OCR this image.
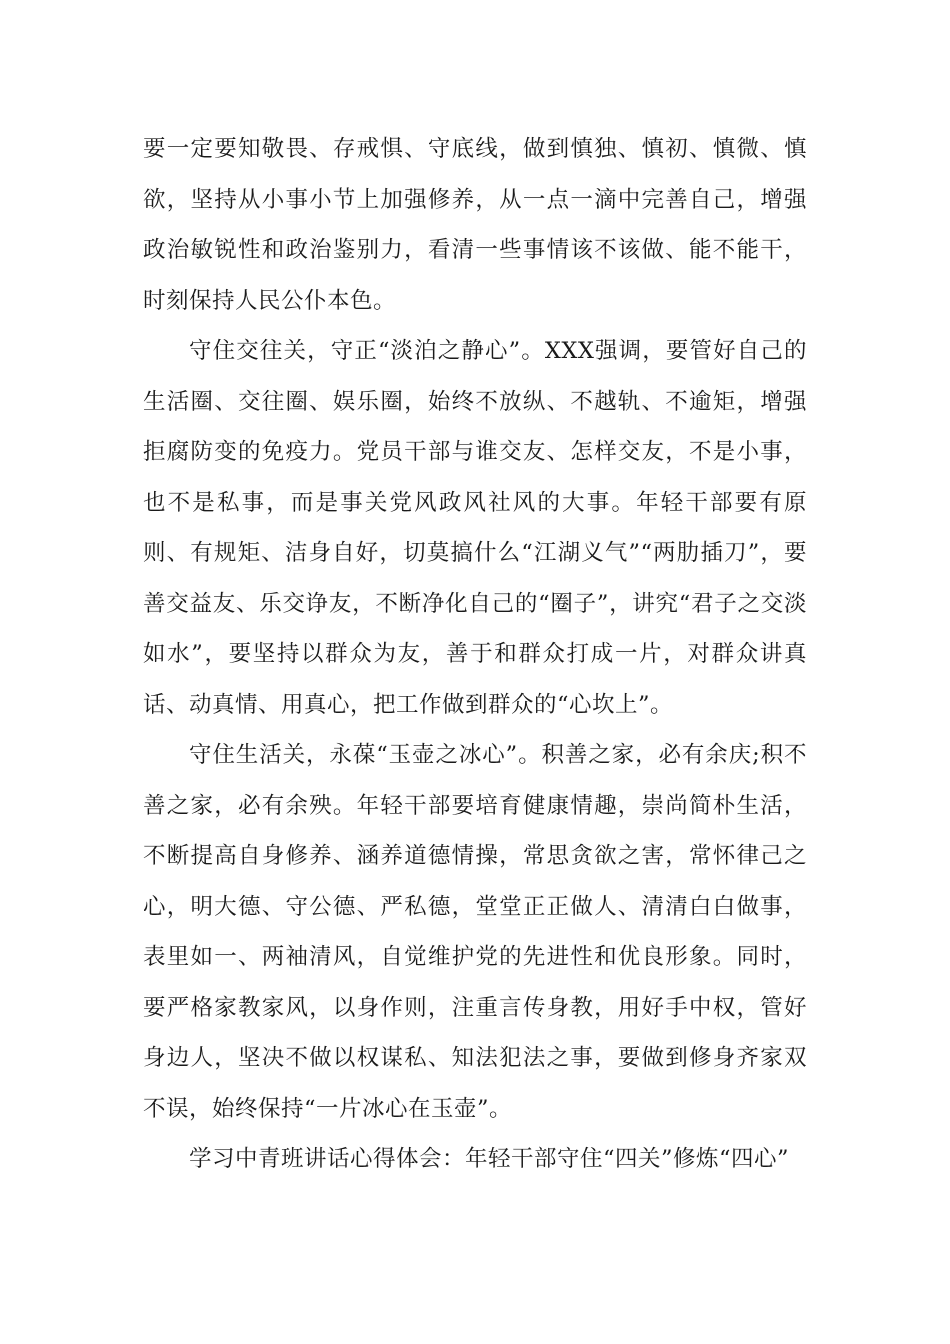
要一定要知敬畏、存戒惧、守底线，做到慎独、慎初、慎微、慎欲，坚持从小事小节上加强修养，从一点一滴中完善自己，增强政治敏锐性和政治鉴别力，看清一些事情该不该做、能不能干，时刻保持人民公仆本色。

守住交往关，守正“淡泊之静心”。XXX强调，要管好自己的生活圈、交往圈、娱乐圈，始终不放纵、不越轨、不逾矩，增强拒腐防变的免疫力。党员干部与谁交友、怎样交友，不是小事，也不是私事，而是事关党风政风社风的大事。年轻干部要有原则、有规矩、洁身自好，切莫搞什么“江湖义气”“两肋插刀”，要善交益友、乐交诤友，不断净化自己的“圈子”，讲究“君子之交淡如水”，要坚持以群众为友，善于和群众打成一片，对群众讲真话、动真情、用真心，把工作做到群众的“心坎上”。

守住生活关，永葆“玉壶之冰心”。积善之家，必有余庆;积不善之家，必有余殃。年轻干部要培育健康情趣，崇尚简朴生活，不断提高自身修养、涵养道德情操，常思贪欲之害，常怀律己之心，明大德、守公德、严私德，堂堂正正做人、清清白白做事，表里如一、两袖清风，自觉维护党的先进性和优良形象。同时，要严格家教家风，以身作则，注重言传身教，用好手中权，管好身边人，坚决不做以权谋私、知法犯法之事，要做到修身齐家双不误，始终保持“一片冰心在玉壶”。

学习中青班讲话心得体会：年轻干部守住“四关”修炼“四心”
